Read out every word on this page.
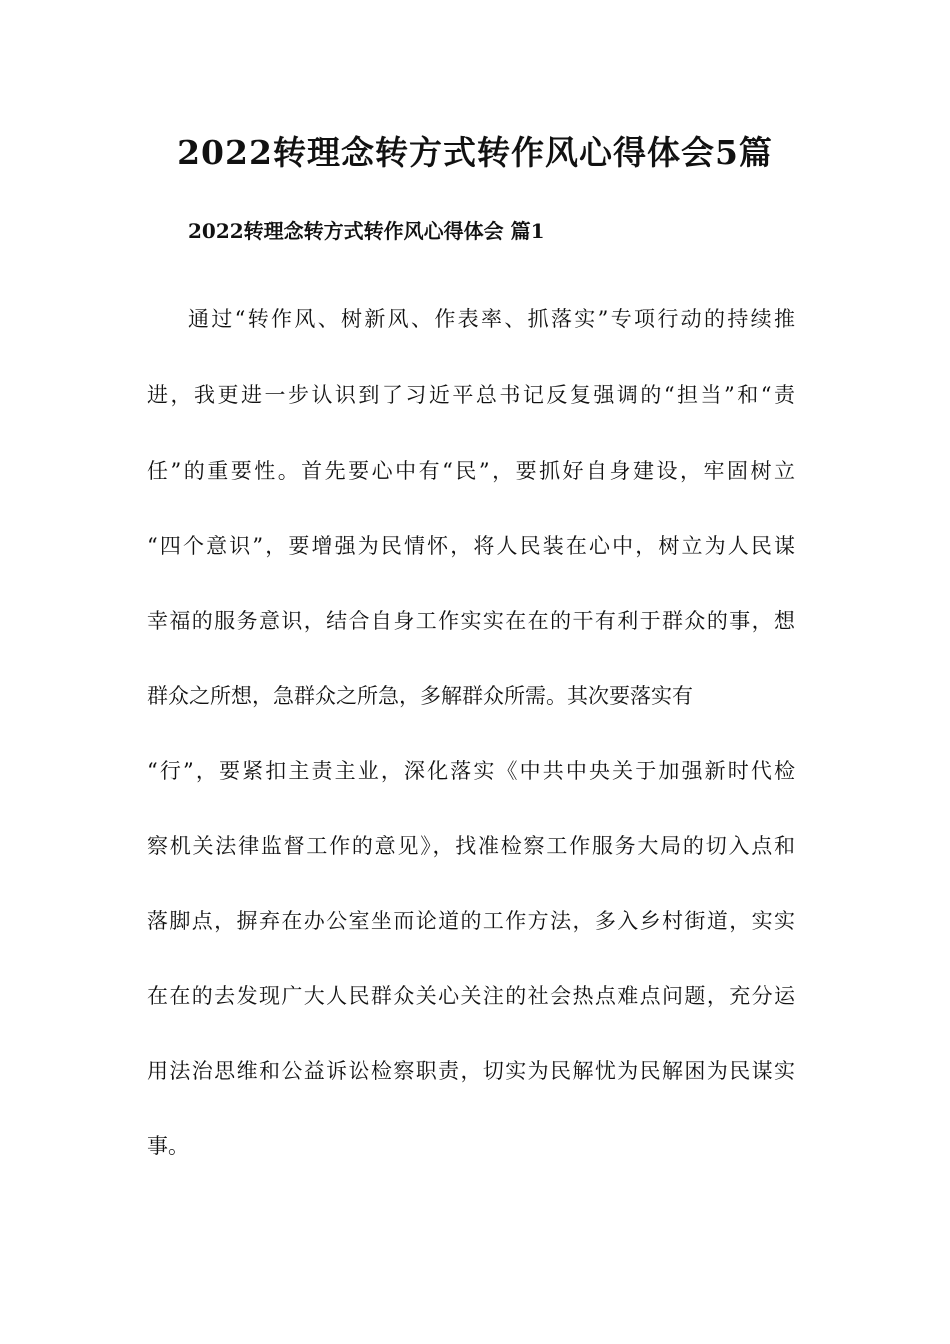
2022转理念转方式转作风心得体会5篇
2022转理念转方式转作风心得体会 篇1

通过“转作风、树新风、作表率、抓落实”专项行动的持续推

进，我更进一步认识到了习近平总书记反复强调的“担当”和“责

任”的重要性。首先要心中有“民”，要抓好自身建设，牢固树立

“四个意识”，要增强为民情怀，将人民装在心中，树立为人民谋

幸福的服务意识，结合自身工作实实在在的干有利于群众的事，想

群众之所想，急群众之所急，多解群众所需。其次要落实有

“行”，要紧扣主责主业，深化落实《中共中央关于加强新时代检

察机关法律监督工作的意见》，找准检察工作服务大局的切入点和

落脚点，摒弃在办公室坐而论道的工作方法，多入乡村街道，实实

在在的去发现广大人民群众关心关注的社会热点难点问题，充分运

用法治思维和公益诉讼检察职责，切实为民解忧为民解困为民谋实

事。
